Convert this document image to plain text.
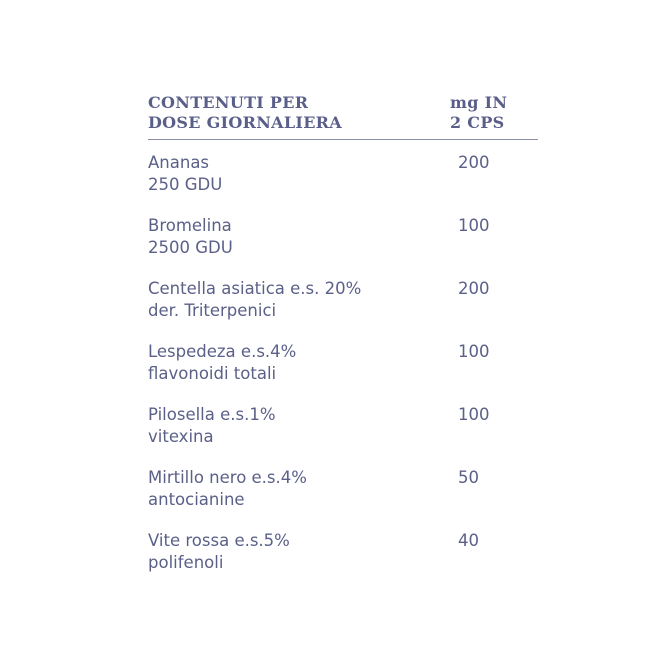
CONTENUTI PER
DOSE GIORNALIERA
mg IN
2 CPS
Ananas
250 GDU
200
Bromelina
2500 GDU
100
Centella asiatica e.s. 20%
der. Triterpenici
200
Lespedeza e.s.4%
flavonoidi totali
100
Pilosella e.s.1%
vitexina
100
Mirtillo nero e.s.4%
antocianine
50
Vite rossa e.s.5%
polifenoli
40
